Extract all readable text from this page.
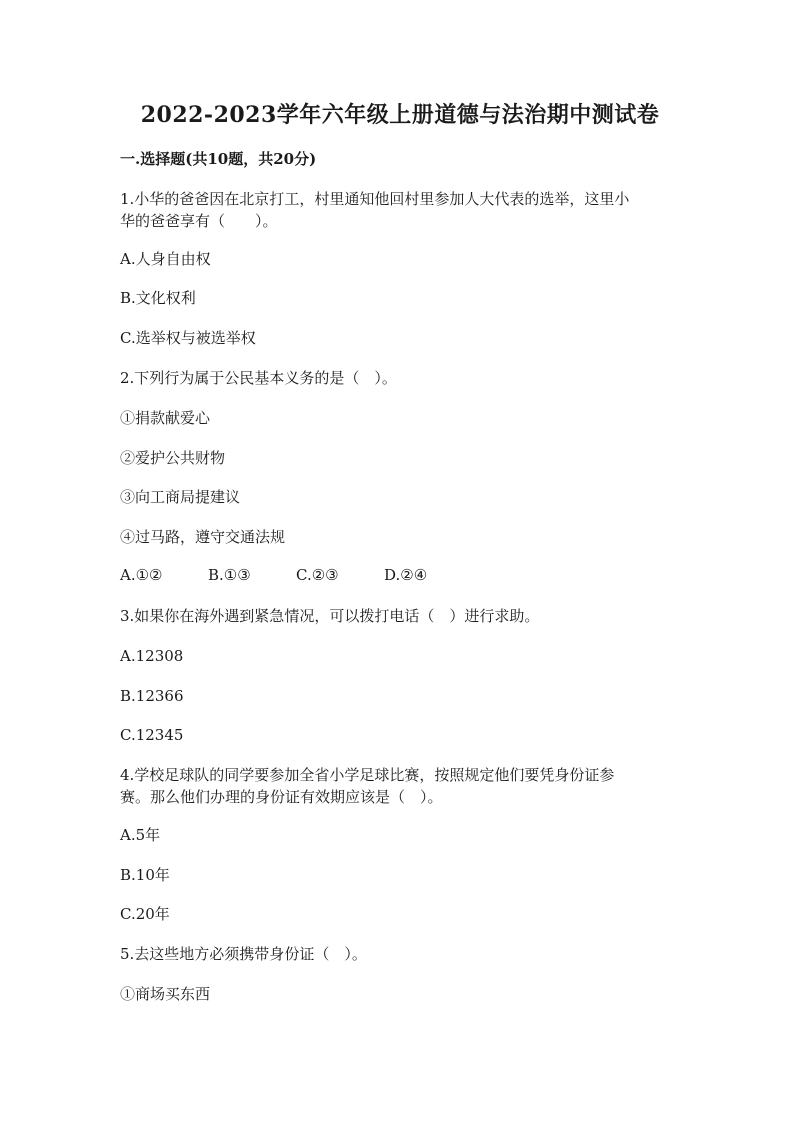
2022-2023学年六年级上册道德与法治期中测试卷
一.选择题(共10题，共20分)
1.小华的爸爸因在北京打工，村里通知他回村里参加人大代表的选举，这里小
华的爸爸享有（　　）。
A.人身自由权
B.文化权利
C.选举权与被选举权
2.下列行为属于公民基本义务的是（　）。
①捐款献爱心
②爱护公共财物
③向工商局提建议
④过马路，遵守交通法规
A.①②	B.①③	C.②③	D.②④
3.如果你在海外遇到紧急情况，可以拨打电话（　）进行求助。
A.12308
B.12366
C.12345
4.学校足球队的同学要参加全省小学足球比赛，按照规定他们要凭身份证参
赛。那么他们办理的身份证有效期应该是（　）。
A.5年
B.10年
C.20年
5.去这些地方必须携带身份证（　）。
①商场买东西
